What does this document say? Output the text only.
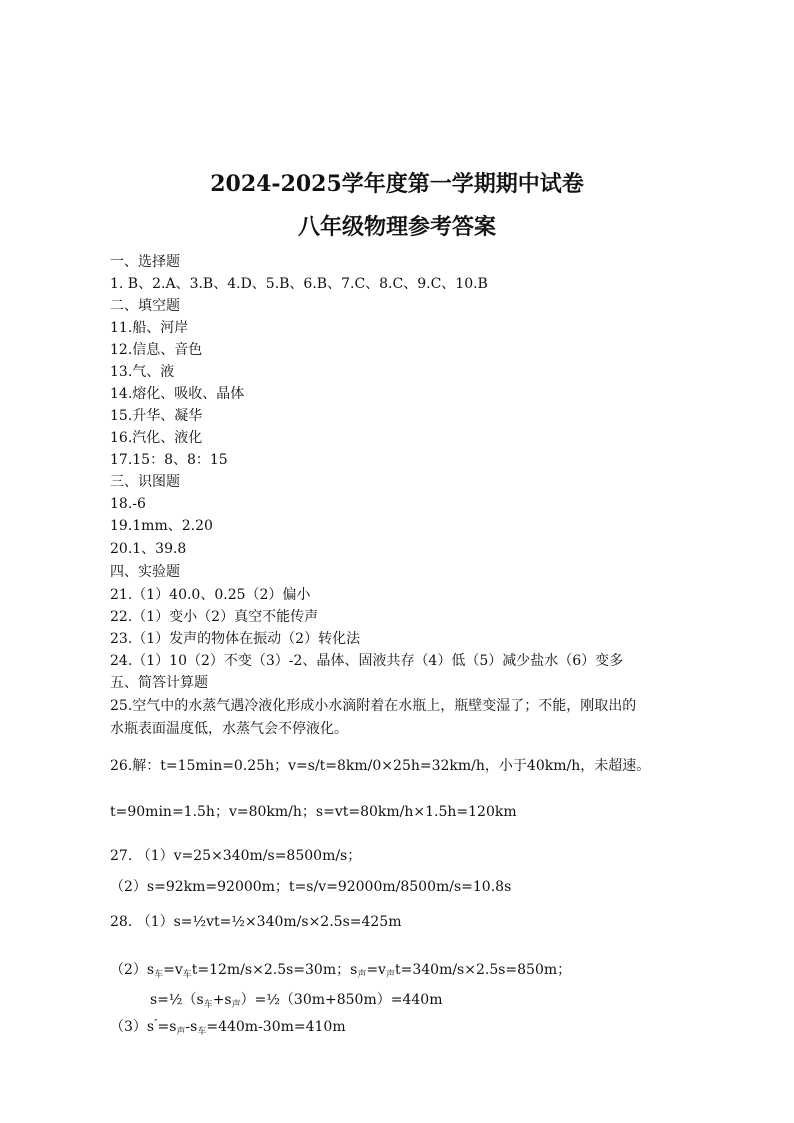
2024-2025学年度第一学期期中试卷
八年级物理参考答案
一、选择题
1. B、2.A、3.B、4.D、5.B、6.B、7.C、8.C、9.C、10.B
二、填空题
11.船、河岸
12.信息、音色
13.气、液
14.熔化、吸收、晶体
15.升华、凝华
16.汽化、液化
17.15：8、8：15
三、识图题
18.-6
19.1mm、2.20
20.1、39.8
四、实验题
21.（1）40.0、0.25（2）偏小
22.（1）变小（2）真空不能传声
23.（1）发声的物体在振动（2）转化法
24.（1）10（2）不变（3）-2、晶体、固液共存（4）低（5）减少盐水（6）变多
五、简答计算题
25.空气中的水蒸气遇冷液化形成小水滴附着在水瓶上，瓶壁变湿了；不能，刚取出的
水瓶表面温度低，水蒸气会不停液化。
26.解：t=15min=0.25h；v=s/t=8km/0×25h=32km/h，小于40km/h，未超速。
t=90min=1.5h；v=80km/h；s=vt=80km/h×1.5h=120km
27. （1）v=25×340m/s=8500m/s；
（2）s=92km=92000m；t=s/v=92000m/8500m/s=10.8s
28. （1）s=½vt=½×340m/s×2.5s=425m
$(2)s_车=v_车t=12m/s\times 2.5s=30m$；$s_声=v_声t=340m/s\times 2.5s=850m$；
$s=\frac{1}{2}(s_车+s_声)=\frac{1}{2}(30m+850m)=440m$
$(3)s''=s_声-s_车=440m-30m=410m$
